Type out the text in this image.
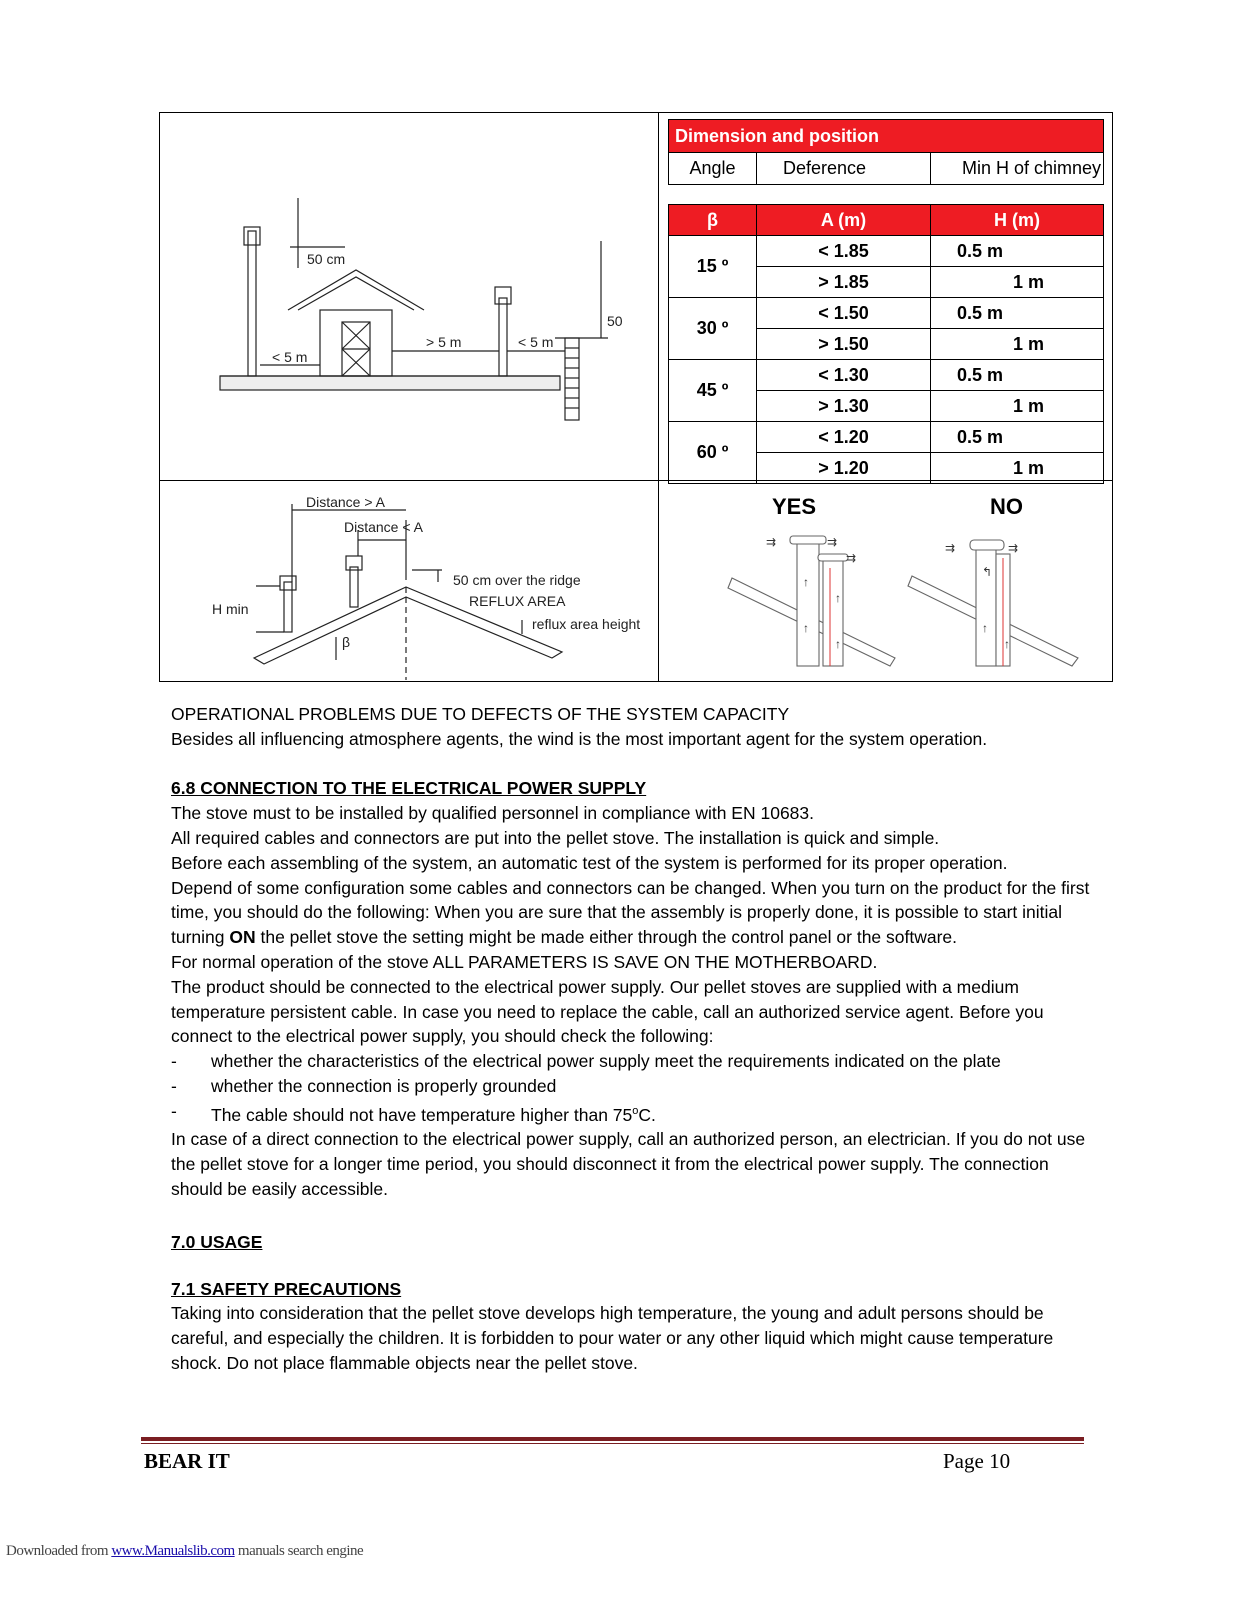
50 cm
< 5 m
> 5 m	< 5 m
50
Distance > A
Distance < A
50 cm over the ridge
REFLUX AREA
reflux area height
H min
β
Dimension and position		
Angle	Deference	Min H of chimney

β	A (m)	H (m)
15 º	< 1.85	0.5 m
	> 1.85	1 m
30 º	< 1.50	0.5 m
	> 1.50	1 m
45 º	< 1.30	0.5 m
	> 1.30	1 m
60 º	< 1.20	0.5 m
	> 1.20	1 m
YES	NO
⇉	⇉
⇉
⇉	⇉
↑
↑
↑
↑
↑
↑
↰

OPERATIONAL PROBLEMS DUE TO DEFECTS OF THE SYSTEM CAPACITY

Besides all influencing atmosphere agents, the wind is the most important agent for the system operation.

6.8 CONNECTION TO THE ELECTRICAL POWER SUPPLY

The stove must to be installed by qualified personnel in compliance with EN 10683.

All required cables and connectors are put into the pellet stove. The installation is quick and simple.

Before each assembling of the system, an automatic test of the system is performed for its proper operation.

Depend of some configuration some cables and connectors can be changed. When you turn on the product for the first time, you should do the following: When you are sure that the assembly is properly done, it is possible to start initial turning ON the pellet stove the setting might be made either through the control panel or the software.

For normal operation of the stove ALL PARAMETERS IS SAVE ON THE MOTHERBOARD.

The product should be connected to the electrical power supply. Our pellet stoves are supplied with a medium temperature persistent cable. In case you need to replace the cable, call an authorized service agent. Before you connect to the electrical power supply, you should check the following:

-	whether the characteristics of the electrical power supply meet the requirements indicated on the plate
-	whether the connection is properly grounded
-	The cable should not have temperature higher than 75$^o$C.

In case of a direct connection to the electrical power supply, call an authorized person, an electrician. If you do not use the pellet stove for a longer time period, you should disconnect it from the electrical power supply. The connection should be easily accessible.

7.0 USAGE
7.1 SAFETY PRECAUTIONS

Taking into consideration that the pellet stove develops high temperature, the young and adult persons should be careful, and especially the children. It is forbidden to pour water or any other liquid which might cause temperature shock. Do not place flammable objects near the pellet stove.

BEAR IT	Page 10
Downloaded from www.Manualslib.com manuals search engine
